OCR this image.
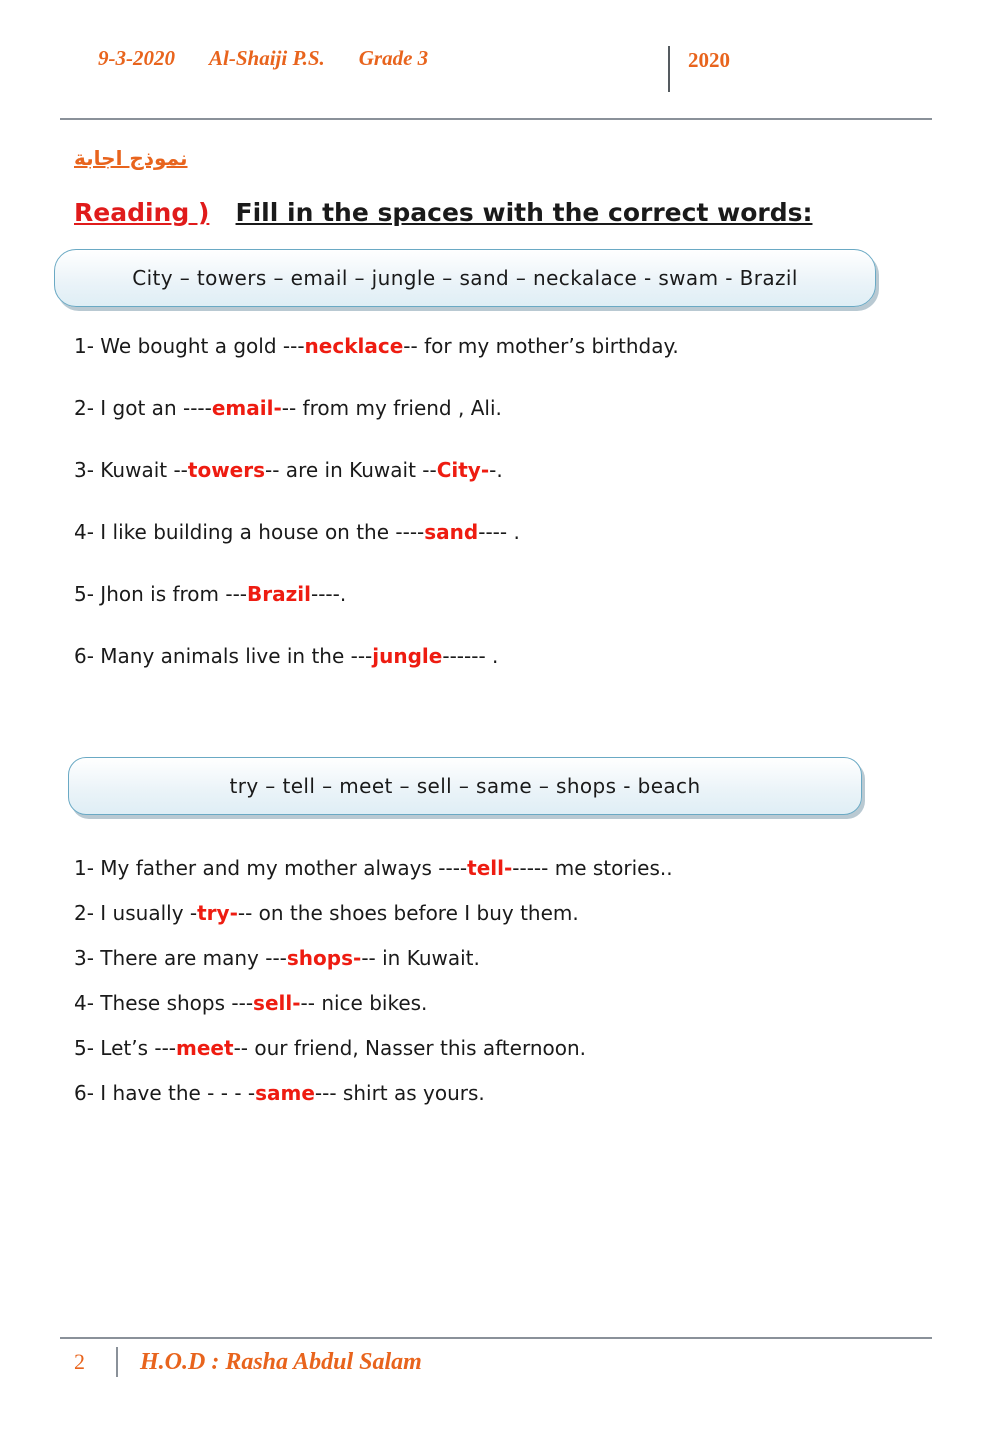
9-3-2020 Al-Shaiji P.S. Grade 3	2020
نموذج اجابة
Reading ) Fill in the spaces with the correct words:
City – towers – email – jungle – sand – neckalace - swam - Brazil
1- We bought a gold ---necklace-- for my mother’s birthday.
2- I got an ----email--- from my friend , Ali.
3- Kuwait --towers-- are in Kuwait --City--.
4- I like building a house on the ----sand---- .
5- Jhon is from ---Brazil----.
6- Many animals live in the ---jungle------ .
try – tell – meet – sell – same – shops - beach
1- My father and my mother always ----tell------ me stories..
2- I usually -try--- on the shoes before I buy them.
3- There are many ---shops--- in Kuwait.
4- These shops ---sell--- nice bikes.
5- Let’s ---meet-- our friend, Nasser this afternoon.
6- I have the - - - -same--- shirt as yours.
2	H.O.D : Rasha Abdul Salam
